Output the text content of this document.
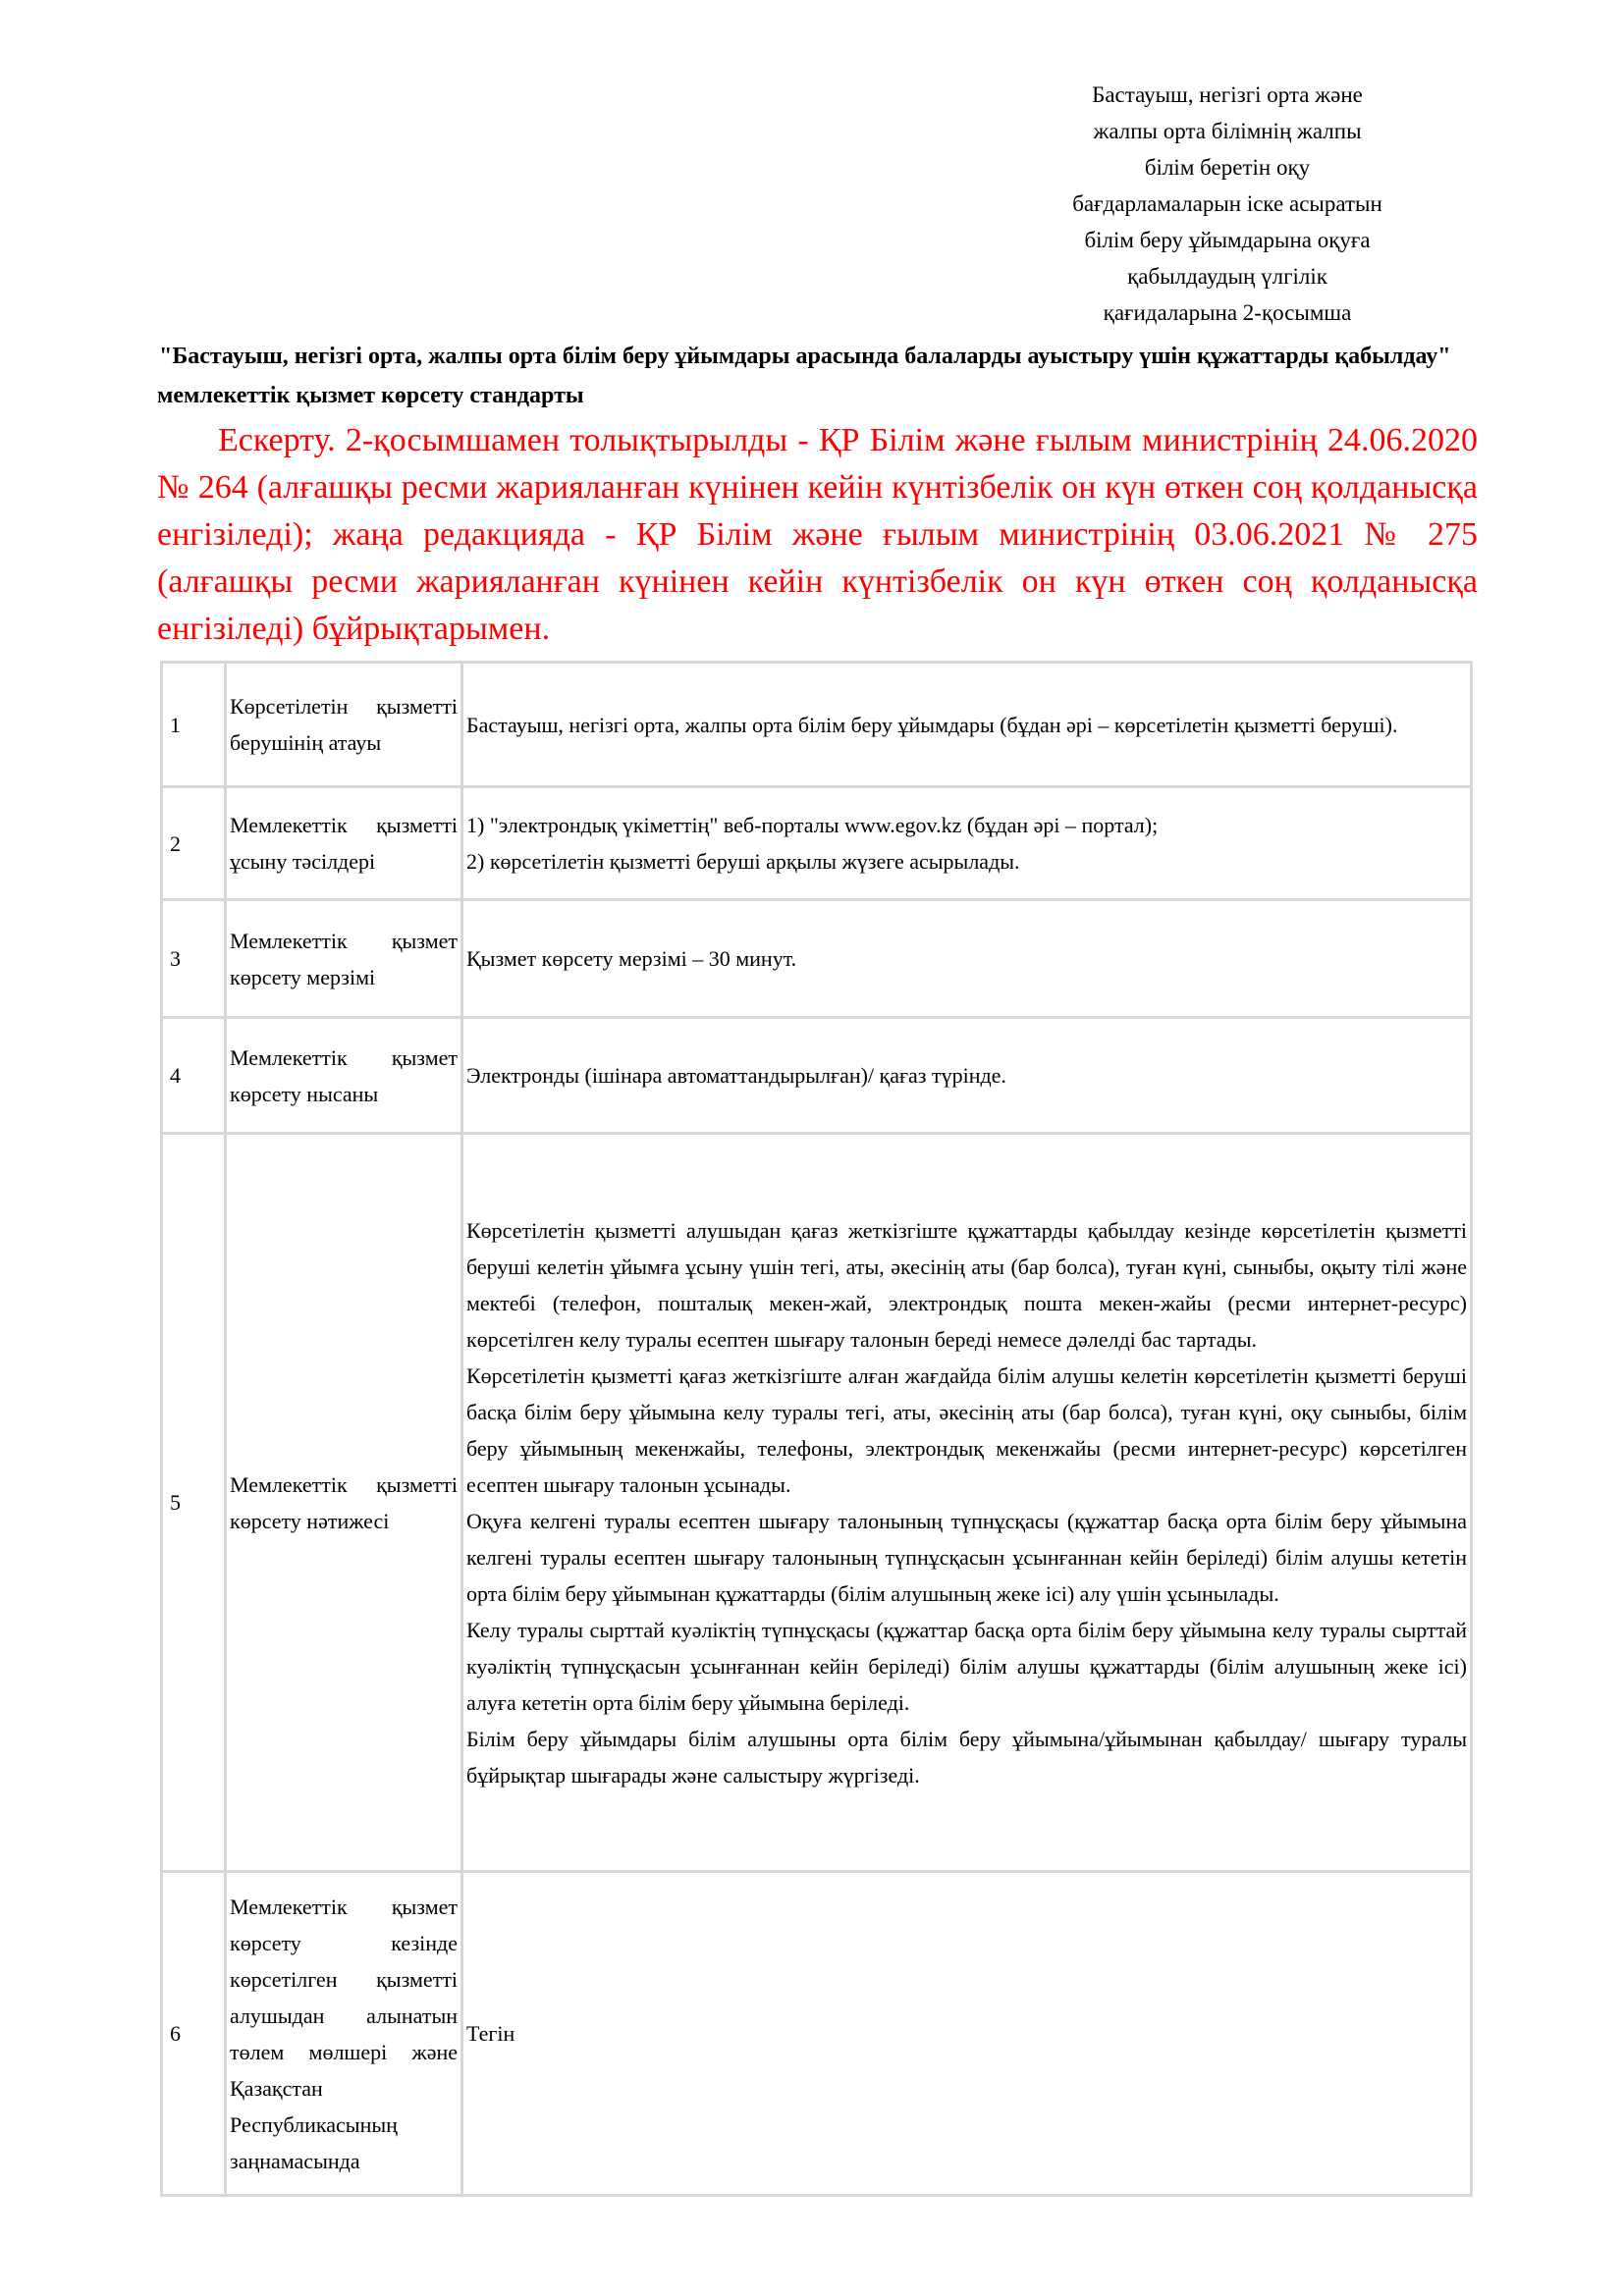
Бастауыш, негізгі орта және
жалпы орта білімнің жалпы
білім беретін оқу
бағдарламаларын іске асыратын
білім беру ұйымдарына оқуға
қабылдаудың үлгілік
қағидаларына 2-қосымша
"Бастауыш, негізгі орта, жалпы орта білім беру ұйымдары арасында балаларды ауыстыру үшін құжаттарды қабылдау" мемлекеттік қызмет көрсету стандарты
Ескерту. 2-қосымшамен толықтырылды - ҚР Білім және ғылым министрінің 24.06.2020 № 264 (алғашқы ресми жарияланған күнінен кейін күнтізбелік он күн өткен соң қолданысқа енгізіледі); жаңа редакцияда - ҚР Білім және ғылым министрінің 03.06.2021 № 275 (алғашқы ресми жарияланған күнінен кейін күнтізбелік он күн өткен соң қолданысқа енгізіледі) бұйрықтарымен.
1	Көрсетілетін қызметті берушінің атауы	Бастауыш, негізгі орта, жалпы орта білім беру ұйымдары (бұдан әрі – көрсетілетін қызметті беруші).

2	Мемлекеттік қызметті ұсыну тәсілдері	1) "электрондық үкіметтің" веб-порталы www.egov.kz (бұдан әрі – портал);
2) көрсетілетін қызметті беруші арқылы жүзеге асырылады.

3	Мемлекеттік қызмет көрсету мерзімі	Қызмет көрсету мерзімі – 30 минут.

4	Мемлекеттік қызмет көрсету нысаны	Электронды (ішінара автоматтандырылған)/ қағаз түрінде.

5	Мемлекеттік қызметті көрсету нәтижесі	Көрсетілетін қызметті алушыдан қағаз жеткізгіште құжаттарды қабылдау кезінде көрсетілетін қызметті беруші келетін ұйымға ұсыну үшін тегі, аты, әкесінің аты (бар болса), туған күні, сыныбы, оқыту тілі және мектебі (телефон, пошталық мекен-жай, электрондық пошта мекен-жайы (ресми интернет-ресурс) көрсетілген келу туралы есептен шығару талонын береді немесе дәлелді бас тартады.
Көрсетілетін қызметті қағаз жеткізгіште алған жағдайда білім алушы келетін көрсетілетін қызметті беруші басқа білім беру ұйымына келу туралы тегі, аты, әкесінің аты (бар болса), туған күні, оқу сыныбы, білім беру ұйымының мекенжайы, телефоны, электрондық мекенжайы (ресми интернет-ресурс) көрсетілген есептен шығару талонын ұсынады.
Оқуға келгені туралы есептен шығару талонының түпнұсқасы (құжаттар басқа орта білім беру ұйымына келгені туралы есептен шығару талонының түпнұсқасын ұсынғаннан кейін беріледі) білім алушы кететін орта білім беру ұйымынан құжаттарды (білім алушының жеке ісі) алу үшін ұсынылады.
Келу туралы сырттай куәліктің түпнұсқасы (құжаттар басқа орта білім беру ұйымына келу туралы сырттай куәліктің түпнұсқасын ұсынғаннан кейін беріледі) білім алушы құжаттарды (білім алушының жеке ісі) алуға кететін орта білім беру ұйымына беріледі.
Білім беру ұйымдары білім алушыны орта білім беру ұйымына/ұйымынан қабылдау/ шығару туралы бұйрықтар шығарады және салыстыру жүргізеді.

6	Мемлекеттік қызмет көрсету кезінде көрсетілген қызметті алушыдан алынатын төлем мөлшері және Қазақстан Республикасының заңнамасында	Тегін
